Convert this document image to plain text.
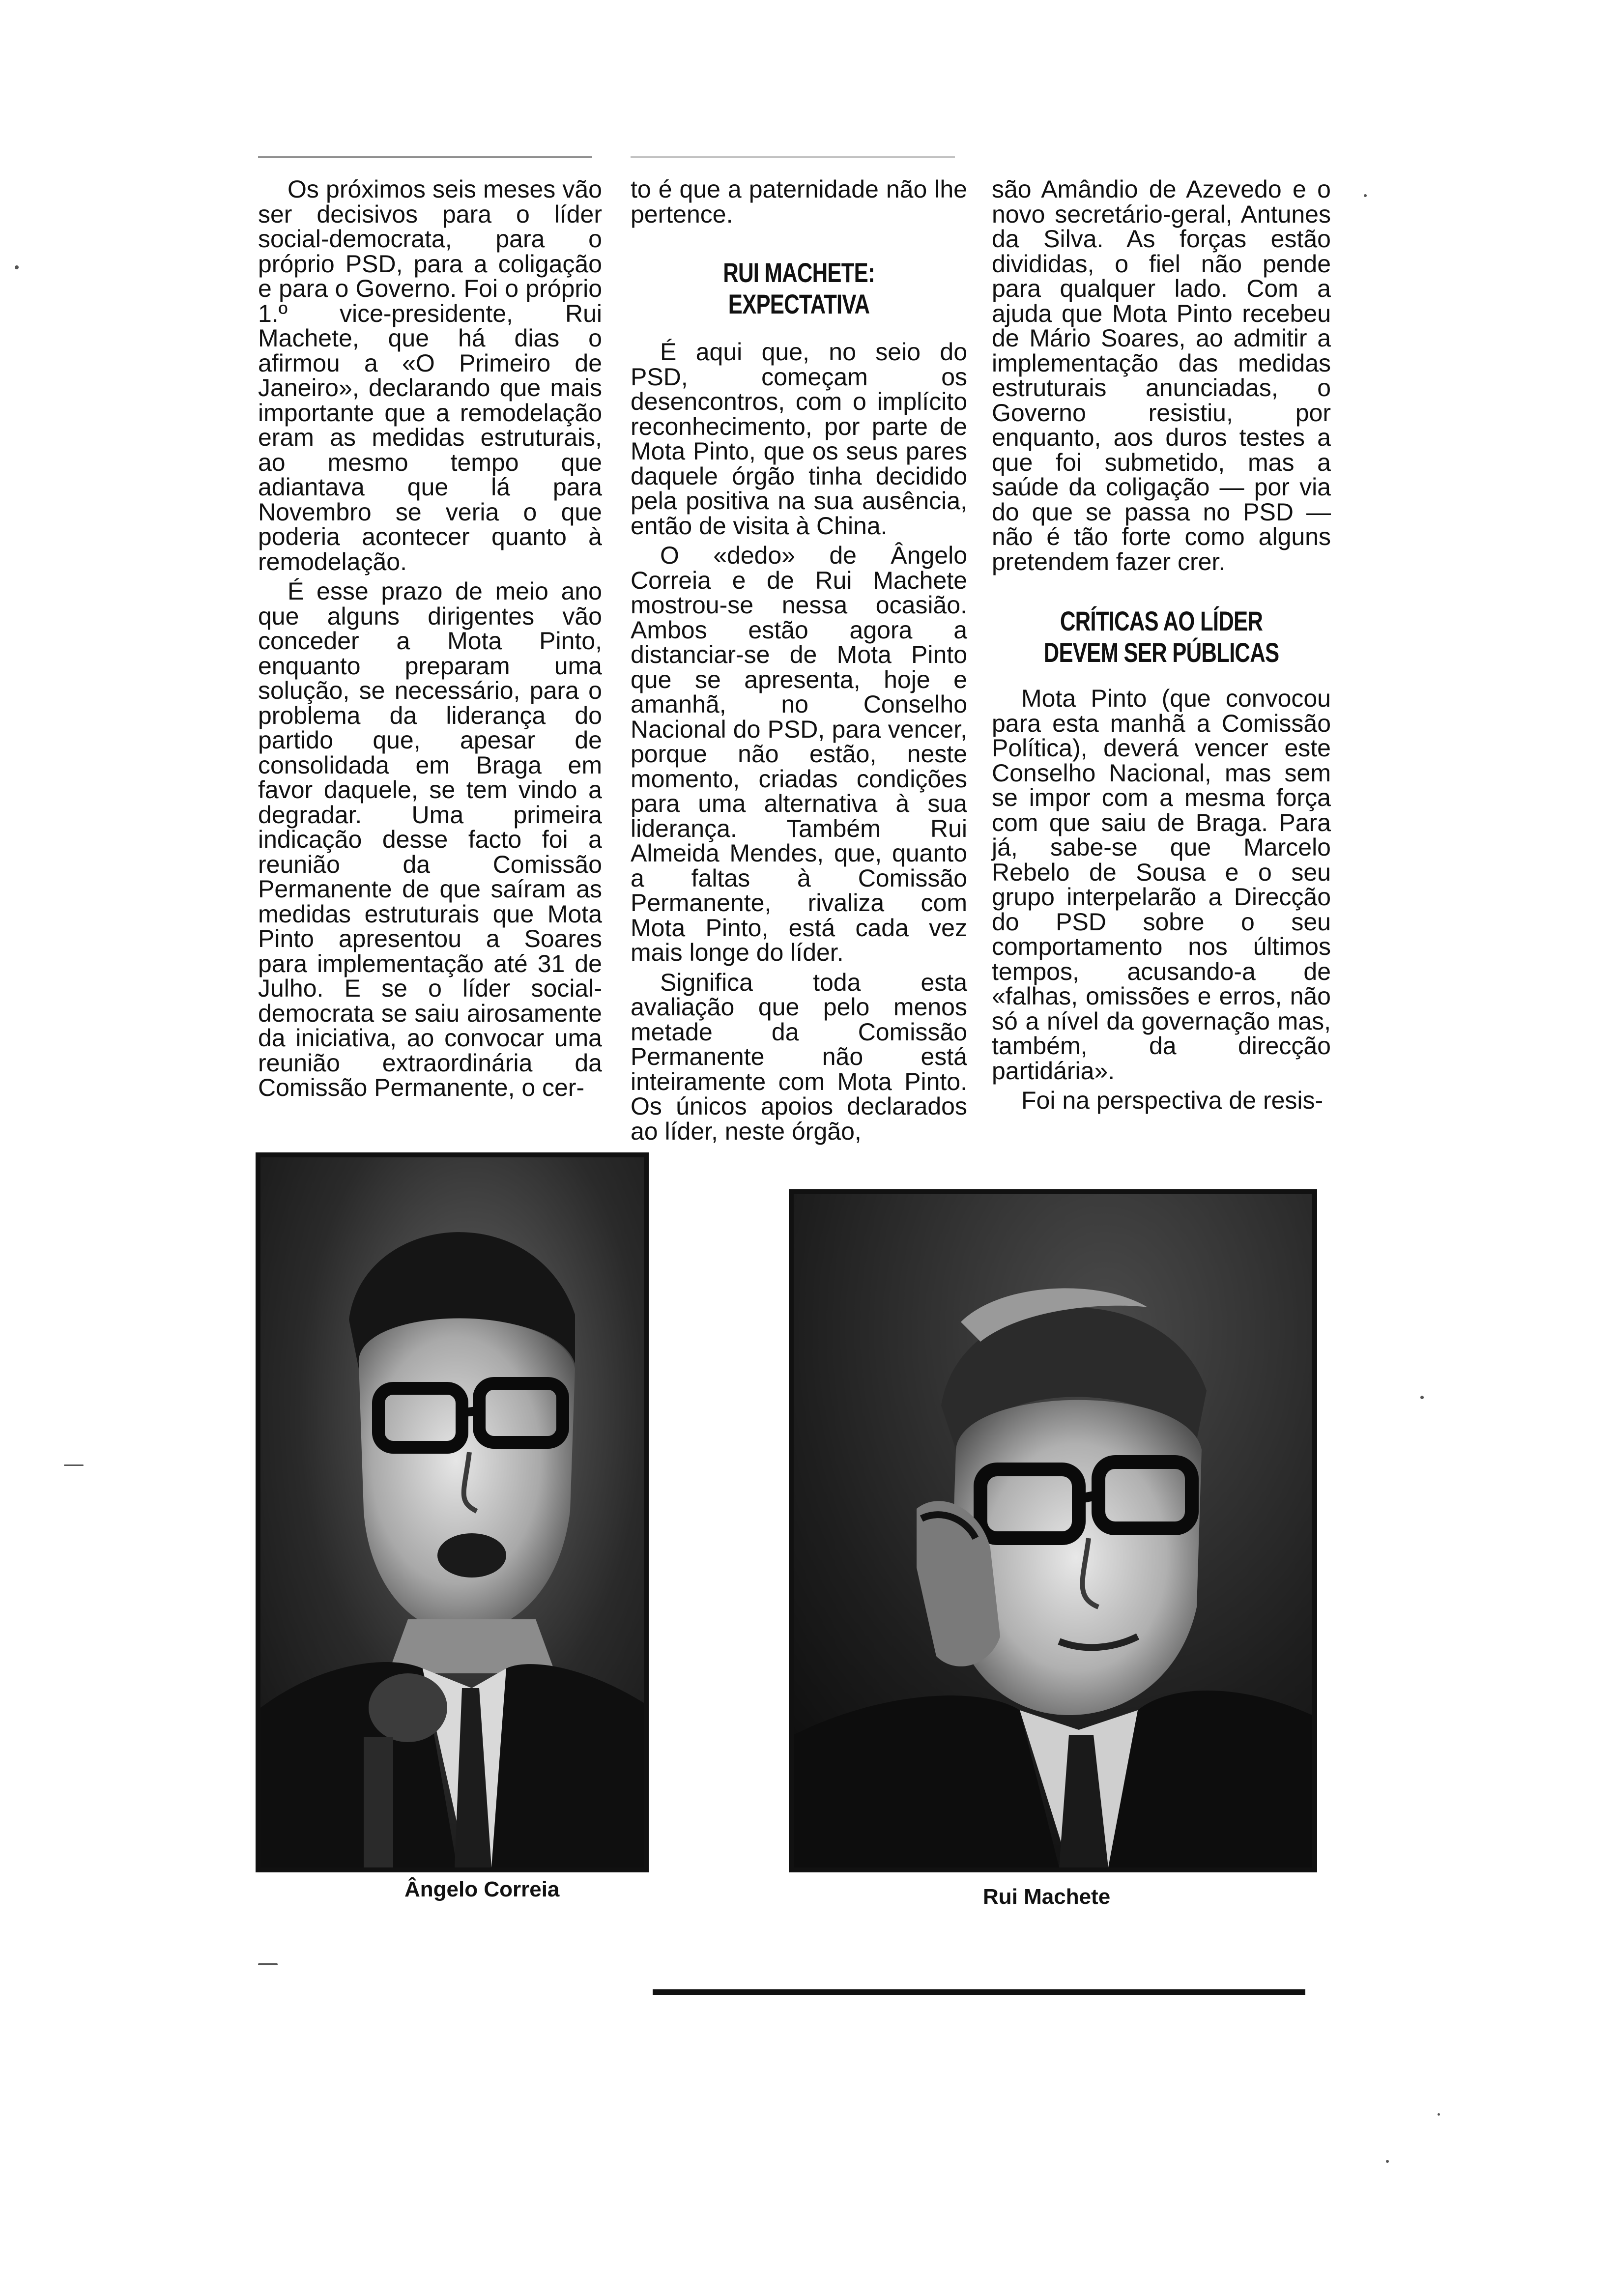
Os próximos seis meses vão ser decisivos para o líder social-democrata, para o próprio PSD, para a coligação e para o Governo. Foi o próprio 1.º vice-presidente, Rui Machete, que há dias o afirmou a «O Primeiro de Janeiro», declarando que mais importante que a remodelação eram as medidas estruturais, ao mesmo tempo que adiantava que lá para Novembro se veria o que poderia acontecer quanto à remodelação.

É esse prazo de meio ano que alguns dirigentes vão conceder a Mota Pinto, enquanto preparam uma solução, se necessário, para o problema da liderança do partido que, apesar de consolidada em Braga em favor daquele, se tem vindo a degradar. Uma primeira indicação desse facto foi a reunião da Comissão Permanente de que saíram as medidas estruturais que Mota Pinto apresentou a Soares para implementação até 31 de Julho. E se o líder social-democrata se saiu airosamente da iniciativa, ao convocar uma reunião extraordinária da Comissão Permanente, o cer-

to é que a paternidade não lhe pertence.

RUI MACHETE:
EXPECTATIVA

É aqui que, no seio do PSD, começam os desencontros, com o implícito reconhecimento, por parte de Mota Pinto, que os seus pares daquele órgão tinha decidido pela positiva na sua ausência, então de visita à China.

O «dedo» de Ângelo Correia e de Rui Machete mostrou-se nessa ocasião. Ambos estão agora a distanciar-se de Mota Pinto que se apresenta, hoje e amanhã, no Conselho Nacional do PSD, para vencer, porque não estão, neste momento, criadas condições para uma alternativa à sua liderança. Também Rui Almeida Mendes, que, quanto a faltas à Comissão Permanente, rivaliza com Mota Pinto, está cada vez mais longe do líder.

Significa toda esta avaliação que pelo menos metade da Comissão Permanente não está inteiramente com Mota Pinto. Os únicos apoios declarados ao líder, neste órgão,

são Amândio de Azevedo e o novo secretário-geral, Antunes da Silva. As forças estão divididas, o fiel não pende para qualquer lado. Com a ajuda que Mota Pinto recebeu de Mário Soares, ao admitir a implementação das medidas estruturais anunciadas, o Governo resistiu, por enquanto, aos duros testes a que foi submetido, mas a saúde da coligação — por via do que se passa no PSD — não é tão forte como alguns pretendem fazer crer.

CRÍTICAS AO LÍDER
DEVEM SER PÚBLICAS

Mota Pinto (que convocou para esta manhã a Comissão Política), deverá vencer este Conselho Nacional, mas sem se impor com a mesma força com que saiu de Braga. Para já, sabe-se que Marcelo Rebelo de Sousa e o seu grupo interpelarão a Direcção do PSD sobre o seu comportamento nos últimos tempos, acusando-a de «falhas, omissões e erros, não só a nível da governação mas, também, da direcção partidária».

Foi na perspectiva de resis-

Ângelo Correia	Rui Machete
